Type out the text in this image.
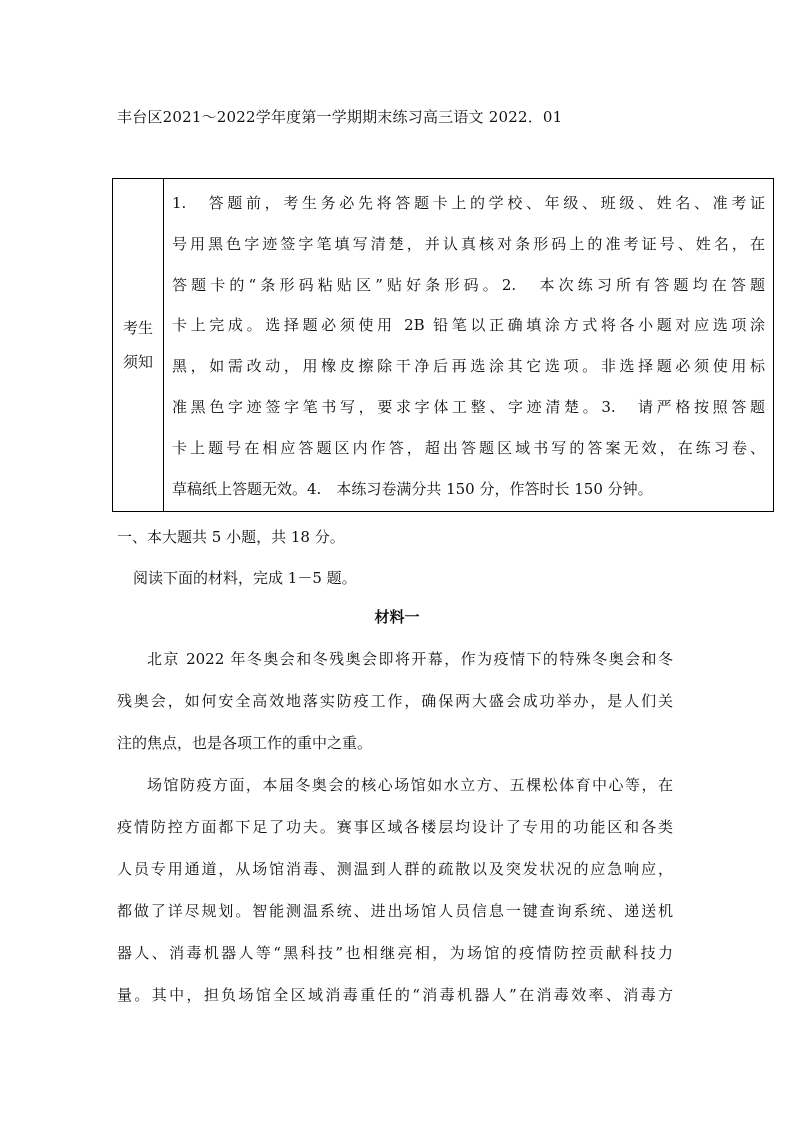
丰台区2021～2022学年度第一学期期末练习高三语文 2022．01
考生
须知
1.　答题前，考生务必先将答题卡上的学校、年级、班级、姓名、准考证
号用黑色字迹签字笔填写清楚，并认真核对条形码上的准考证号、姓名，在
答题卡的“条形码粘贴区”贴好条形码。2.　本次练习所有答题均在答题
卡上完成。选择题必须使用 2B 铅笔以正确填涂方式将各小题对应选项涂
黑，如需改动，用橡皮擦除干净后再选涂其它选项。非选择题必须使用标
准黑色字迹签字笔书写，要求字体工整、字迹清楚。3.　请严格按照答题
卡上题号在相应答题区内作答，超出答题区域书写的答案无效，在练习卷、
草稿纸上答题无效。4.　本练习卷满分共 150 分，作答时长 150 分钟。
一、本大题共 5 小题，共 18 分。
阅读下面的材料，完成 1－5 题。
材料一
北京 2022 年冬奥会和冬残奥会即将开幕，作为疫情下的特殊冬奥会和冬
残奥会，如何安全高效地落实防疫工作，确保两大盛会成功举办，是人们关
注的焦点，也是各项工作的重中之重。
场馆防疫方面，本届冬奥会的核心场馆如水立方、五棵松体育中心等，在
疫情防控方面都下足了功夫。赛事区域各楼层均设计了专用的功能区和各类
人员专用通道，从场馆消毒、测温到人群的疏散以及突发状况的应急响应，
都做了详尽规划。智能测温系统、进出场馆人员信息一键查询系统、递送机
器人、消毒机器人等“黑科技”也相继亮相，为场馆的疫情防控贡献科技力
量。其中，担负场馆全区域消毒重任的“消毒机器人”在消毒效率、消毒方
